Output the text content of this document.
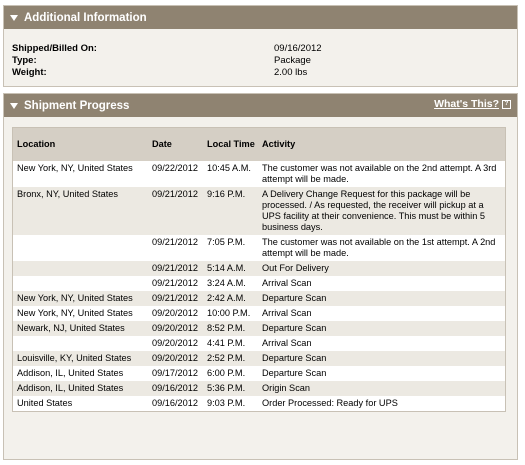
Additional Information
Shipped/Billed On:	09/16/2012
Type:	Package
Weight:	2.00 lbs
Shipment Progress	What's This? ?
Location	Date	Local Time	Activity
New York, NY, United States	09/22/2012	10:45 A.M.	The customer was not available on the 2nd attempt. A 3rd attempt will be made.
Bronx, NY, United States	09/21/2012	9:16 P.M.	A Delivery Change Request for this package will be processed. / As requested, the receiver will pickup at a UPS facility at their convenience. This must be within 5 business days.
	09/21/2012	7:05 P.M.	The customer was not available on the 1st attempt. A 2nd attempt will be made.
	09/21/2012	5:14 A.M.	Out For Delivery
	09/21/2012	3:24 A.M.	Arrival Scan
New York, NY, United States	09/21/2012	2:42 A.M.	Departure Scan
New York, NY, United States	09/20/2012	10:00 P.M.	Arrival Scan
Newark, NJ, United States	09/20/2012	8:52 P.M.	Departure Scan
	09/20/2012	4:41 P.M.	Arrival Scan
Louisville, KY, United States	09/20/2012	2:52 P.M.	Departure Scan
Addison, IL, United States	09/17/2012	6:00 P.M.	Departure Scan
Addison, IL, United States	09/16/2012	5:36 P.M.	Origin Scan
United States	09/16/2012	9:03 P.M.	Order Processed: Ready for UPS
